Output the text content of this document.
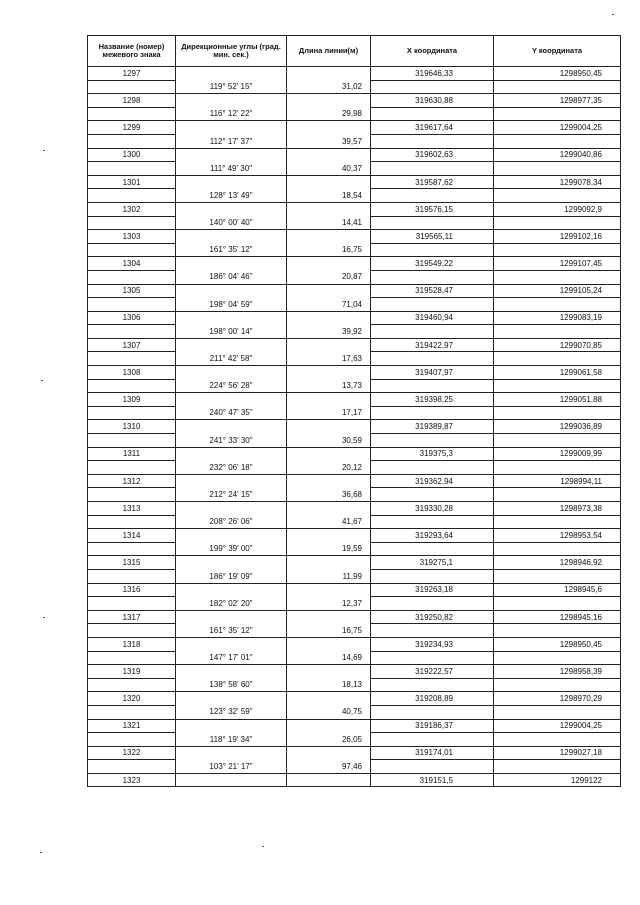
Название (номер) межевого знака	Дирекционные углы (град. мин. сек.)	Длина линии(м)	X координата	Y координата
1297			319646,33	1298950,45
	119° 52' 15"	31,02		
1298			319630,88	1298977,35
	116° 12' 22"	29,98		
1299			319617,64	1299004,25
	112° 17' 37"	39,57		
1300			319602,63	1299040,86
	111° 49' 30"	40,37		
1301			319587,62	1299078,34
	128° 13' 49"	18,54		
1302			319576,15	1299092,9
	140° 00' 40"	14,41		
1303			319565,11	1299102,16
	161° 35' 12"	16,75		
1304			319549,22	1299107,45
	186° 04' 46"	20,87		
1305			319528,47	1299105,24
	198° 04' 59"	71,04		
1306			319460,94	1299083,19
	198° 00' 14"	39,92		
1307			319422,97	1299070,85
	211° 42' 58"	17,63		
1308			319407,97	1299061,58
	224° 56' 28"	13,73		
1309			319398,25	1299051,88
	240° 47' 35"	17,17		
1310			319389,87	1299036,89
	241° 33' 30"	30,59		
1311			319375,3	1299009,99
	232° 06' 18"	20,12		
1312			319362,94	1298994,11
	212° 24' 15"	36,68		
1313			319330,28	1298973,38
	208° 26' 06"	41,67		
1314			319293,64	1298953,54
	199° 39' 00"	19,59		
1315			319275,1	1298946,92
	186° 19' 09"	11,99		
1316			319263,18	1298945,6
	182° 02' 20"	12,37		
1317			319250,82	1298945,16
	161° 35' 12"	16,75		
1318			319234,93	1298950,45
	147° 17' 01"	14,69		
1319			319222,57	1298958,39
	138° 58' 60"	18,13		
1320			319208,89	1298970,29
	123° 32' 59"	40,75		
1321			319186,37	1299004,25
	118° 19' 34"	26,05		
1322			319174,01	1299027,18
	103° 21' 17"	97,46		
1323			319151,5	1299122
